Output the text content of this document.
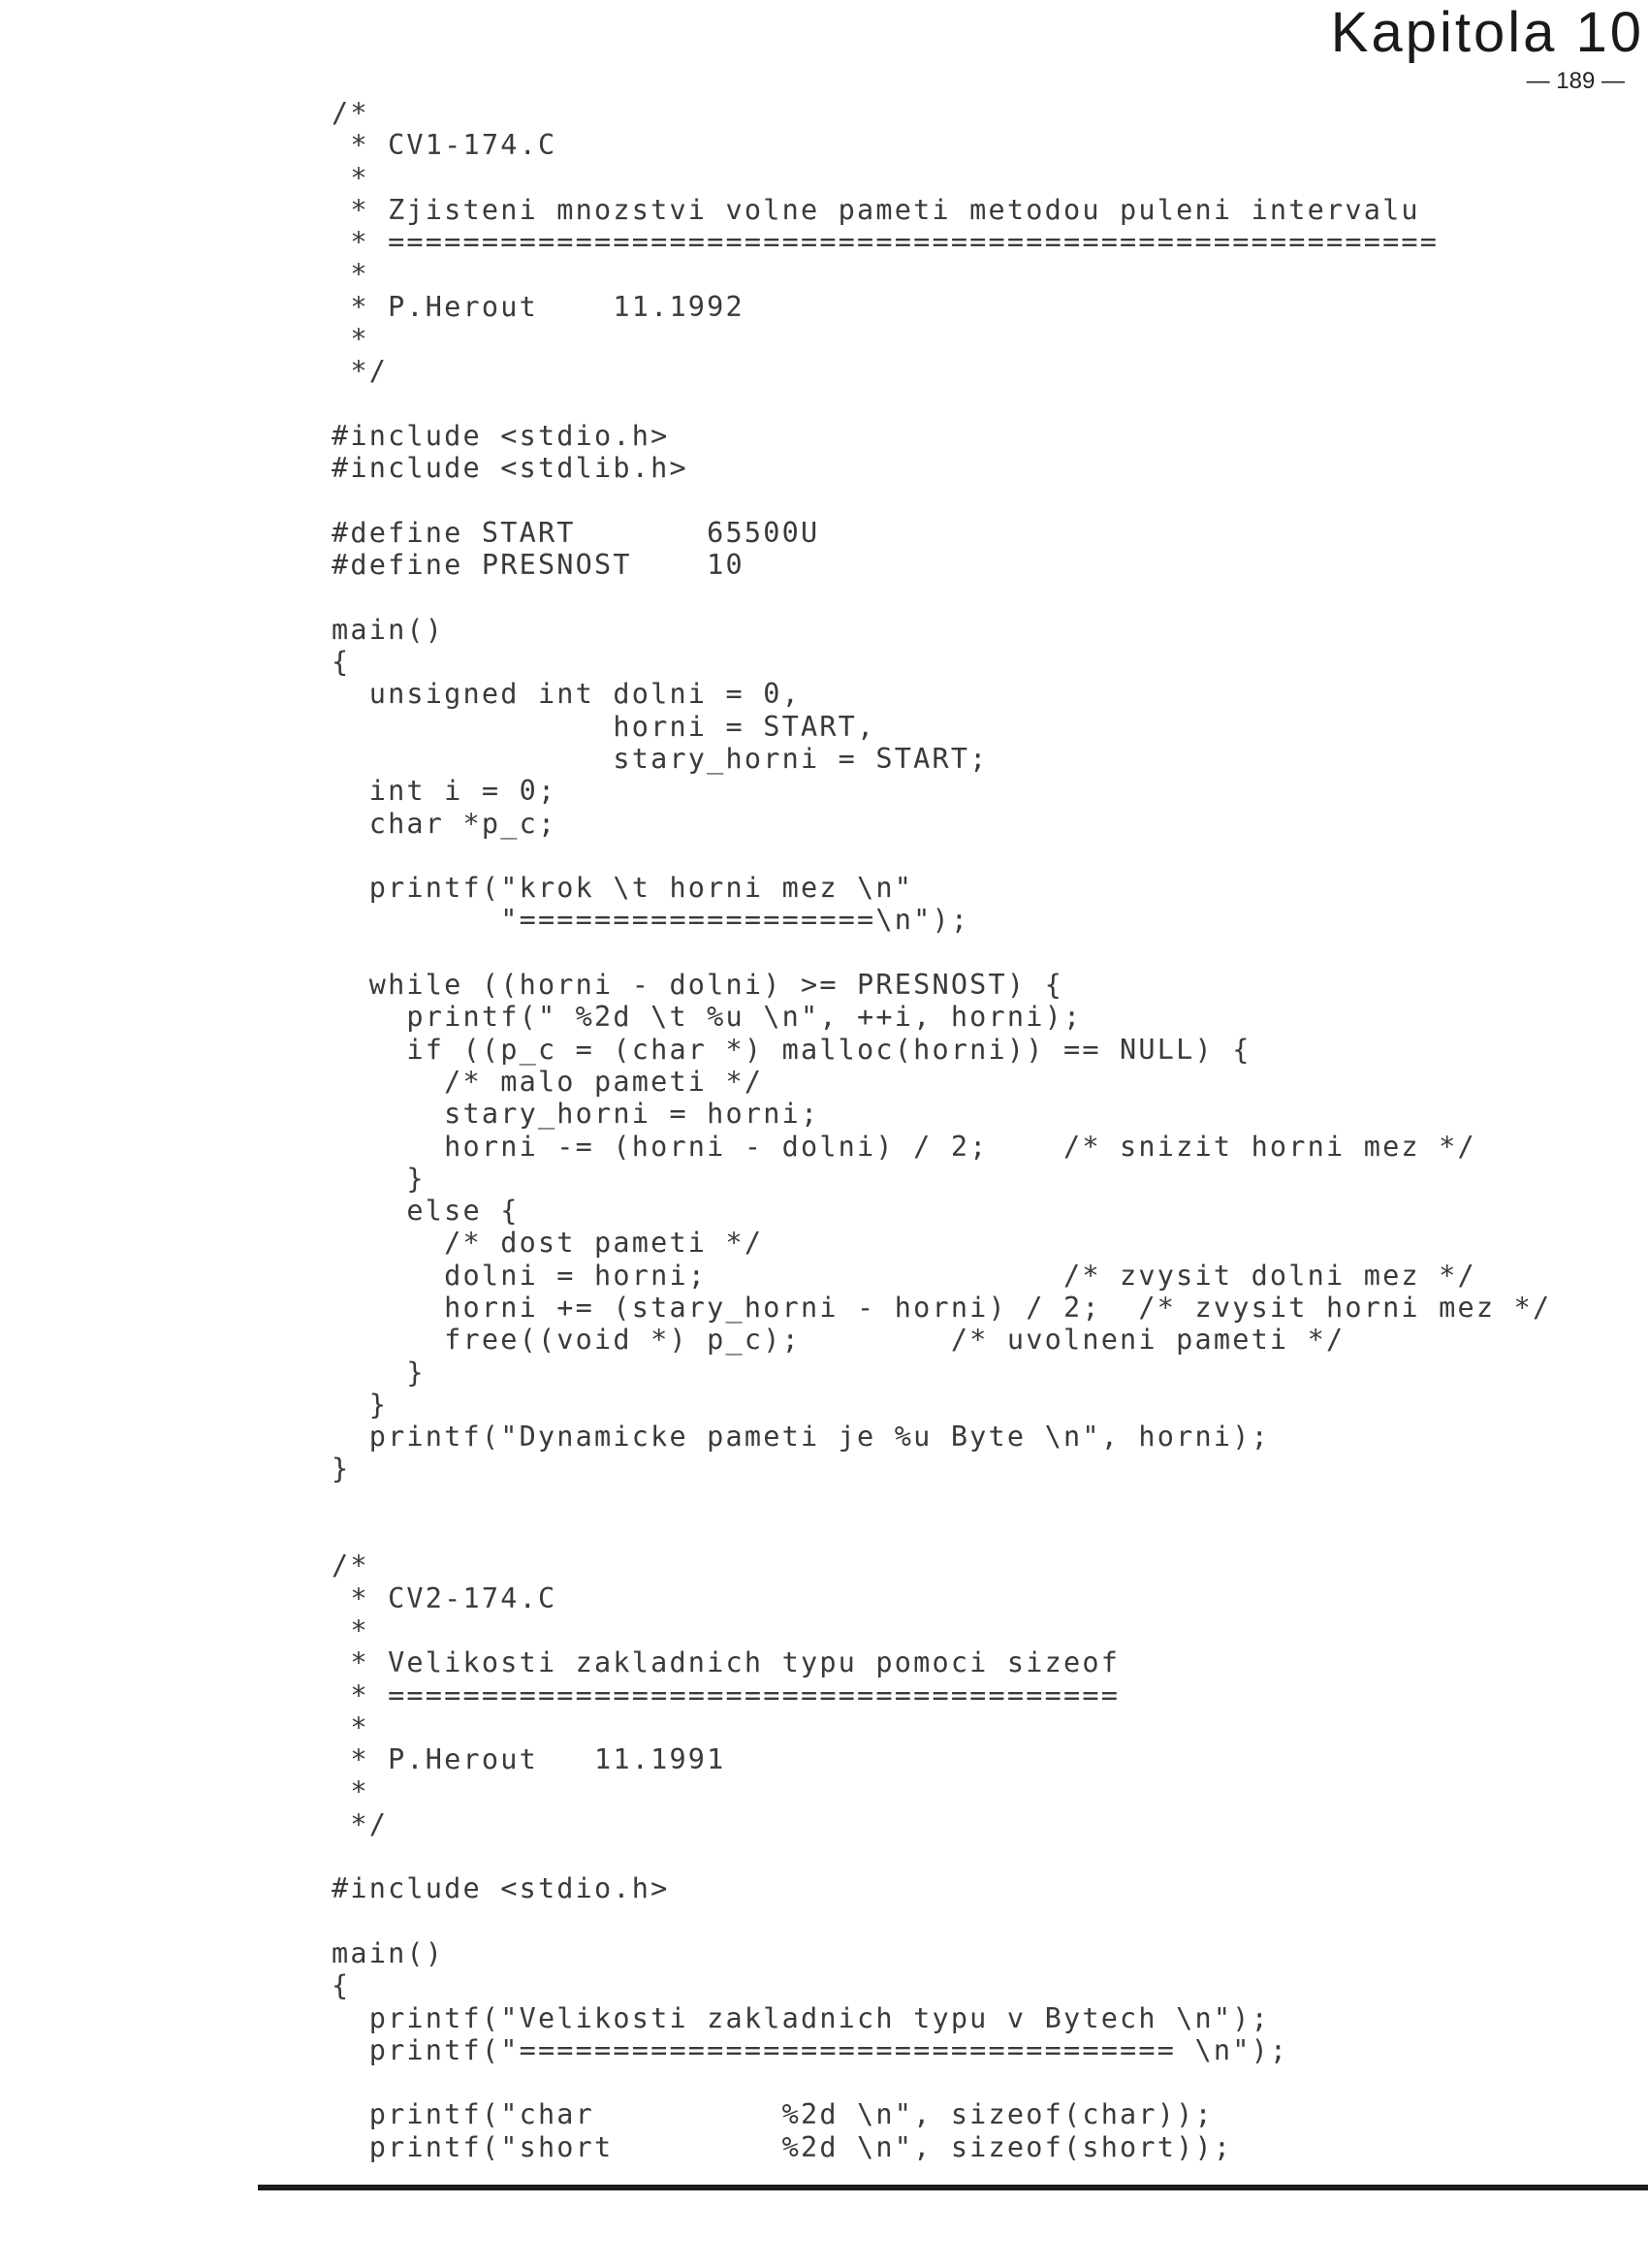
Kapitola 10
— 189 —
/*
* CV1-174.C
*
* Zjisteni mnozstvi volne pameti metodou puleni intervalu
* ========================================================
*
* P.Herout    11.1992
*
*/
#include <stdio.h>
#include <stdlib.h>
#define START       65500U
#define PRESNOST    10
main()
{
unsigned int dolni = 0,
horni = START,
stary_horni = START;
int i = 0;
char *p_c;
printf("krok \t horni mez \n"
"===================\n");
while ((horni - dolni) >= PRESNOST) {
printf(" %2d \t %u \n", ++i, horni);
if ((p_c = (char *) malloc(horni)) == NULL) {
/* malo pameti */
stary_horni = horni;
horni -= (horni - dolni) / 2;    /* snizit horni mez */
}
else {
/* dost pameti */
dolni = horni;                   /* zvysit dolni mez */
horni += (stary_horni - horni) / 2;  /* zvysit horni mez */
free((void *) p_c);        /* uvolneni pameti */
}
}
printf("Dynamicke pameti je %u Byte \n", horni);
}
/*
* CV2-174.C
*
* Velikosti zakladnich typu pomoci sizeof
* =======================================
*
* P.Herout   11.1991
*
*/
#include <stdio.h>
main()
{
printf("Velikosti zakladnich typu v Bytech \n");
printf("=================================== \n");
printf("char          %2d \n", sizeof(char));
printf("short         %2d \n", sizeof(short));
